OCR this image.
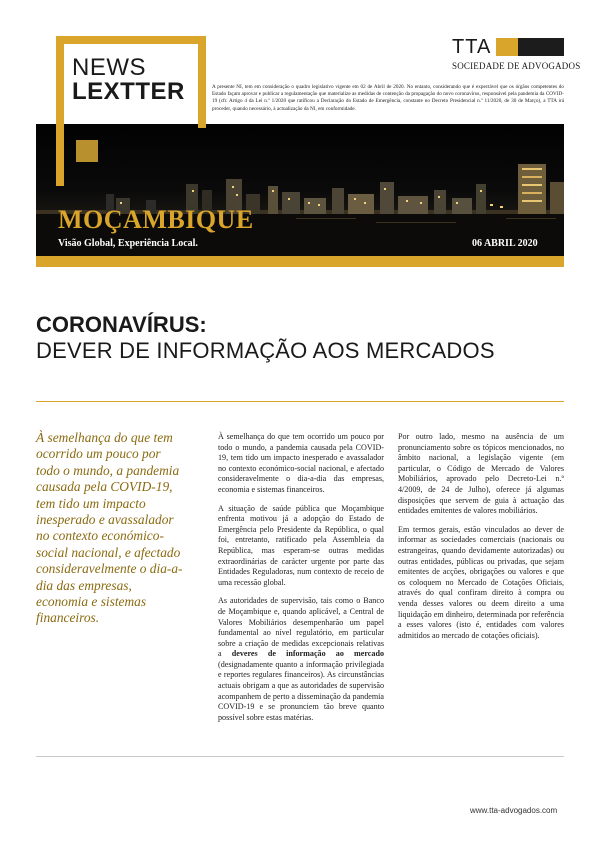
NEWS
LEXTTER
TTA
SOCIEDADE DE ADVOGADOS
A presente NI, tem em consideração o quadro legislativo vigente em 02 de Abril de 2020. No entanto, considerando que é expectável que os órgãos competentes do Estado façam aprovar e publicar a regulamentação que materialize as medidas de contenção da propagação do novo coronavírus, responsável pela pandemia da COVID-19 (cfr. Artigo 4 da Lei n.º 1/2020 que ratificou a Declaração do Estado de Emergência, constante no Decreto Presidencial n.º 11/2020, de 30 de Março), a TTA irá proceder, quando necessário, à actualização da NI, em conformidade.
MOÇAMBIQUE
Visão Global, Experiência Local.	06 ABRIL 2020
CORONAVÍRUS:
DEVER DE INFORMAÇÃO AOS MERCADOS
À semelhança do que tem ocorrido um pouco por todo o mundo, a pandemia causada pela COVID-19, tem tido um impacto inesperado e avassalador no contexto económico-social nacional, e afectado consideravelmente o dia-a-dia das empresas, economia e sistemas financeiros.

À semelhança do que tem ocorrido um pouco por todo o mundo, a pandemia causada pela COVID-19, tem tido um impacto inesperado e avassalador no contexto económico-social nacional, e afectado consideravelmente o dia-a-dia das empresas, economia e sistemas financeiros.

A situação de saúde pública que Moçambique enfrenta motivou já a adopção do Estado de Emergência pelo Presidente da República, o qual foi, entretanto, ratificado pela Assembleia da República, mas esperam-se outras medidas extraordinárias de carácter urgente por parte das Entidades Reguladoras, num contexto de receio de uma recessão global.

As autoridades de supervisão, tais como o Banco de Moçambique e, quando aplicável, a Central de Valores Mobiliários desempenharão um papel fundamental ao nível regulatório, em particular sobre a criação de medidas excepcionais relativas a deveres de informação ao mercado (designadamente quanto a informação privilegiada e reportes regulares financeiros). As circunstâncias actuais obrigam a que as autoridades de supervisão acompanhem de perto a disseminação da pandemia COVID-19 e se pronunciem tão breve quanto possível sobre estas matérias.

Por outro lado, mesmo na ausência de um pronunciamento sobre os tópicos mencionados, no âmbito nacional, a legislação vigente (em particular, o Código de Mercado de Valores Mobiliários, aprovado pelo Decreto-Lei n.º 4/2009, de 24 de Julho), oferece já algumas disposições que servem de guia à actuação das entidades emitentes de valores mobiliários.

Em termos gerais, estão vinculados ao dever de informar as sociedades comerciais (nacionais ou estrangeiras, quando devidamente autorizadas) ou outras entidades, públicas ou privadas, que sejam emitentes de acções, obrigações ou valores e que os coloquem no Mercado de Cotações Oficiais, através do qual confiram direito à compra ou venda desses valores ou deem direito a uma liquidação em dinheiro, determinada por referência a esses valores (isto é, entidades com valores admitidos ao mercado de cotações oficiais).

www.tta-advogados.com
